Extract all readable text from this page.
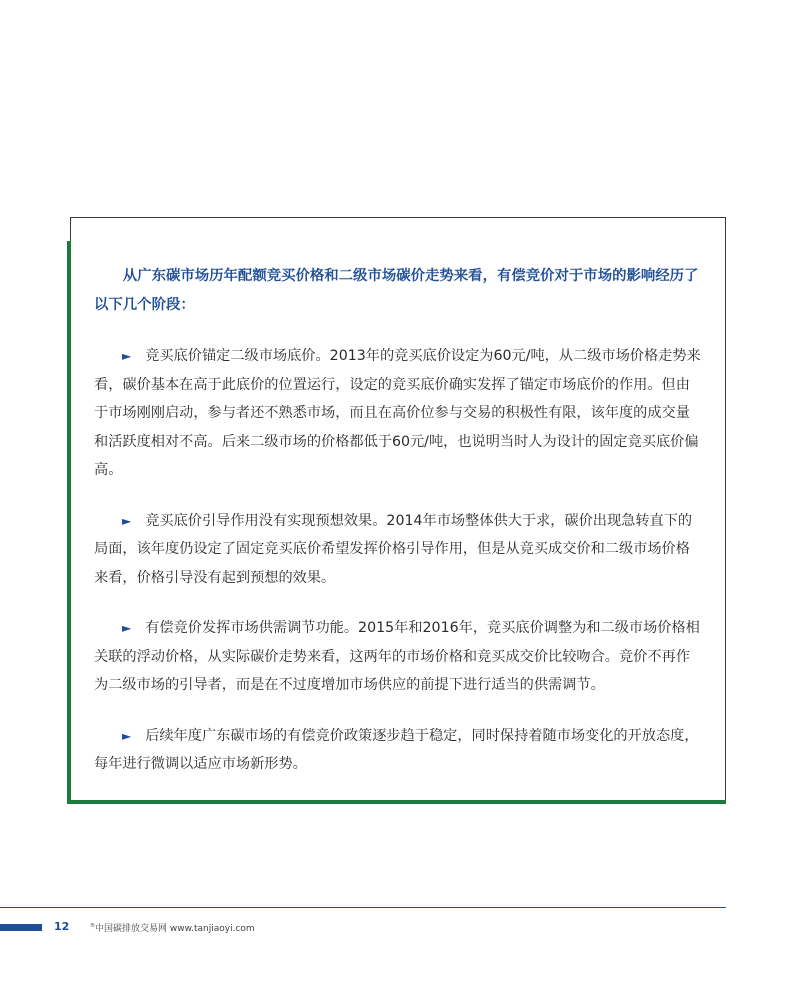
从广东碳市场历年配额竞买价格和二级市场碳价走势来看，有偿竞价对于市场的影响经历了以下几个阶段：

► 竞买底价锚定二级市场底价。2013年的竞买底价设定为60元/吨，从二级市场价格走势来看，碳价基本在高于此底价的位置运行，设定的竞买底价确实发挥了锚定市场底价的作用。但由于市场刚刚启动，参与者还不熟悉市场，而且在高价位参与交易的积极性有限，该年度的成交量和活跃度相对不高。后来二级市场的价格都低于60元/吨，也说明当时人为设计的固定竞买底价偏高。

► 竞买底价引导作用没有实现预想效果。2014年市场整体供大于求，碳价出现急转直下的局面，该年度仍设定了固定竞买底价希望发挥价格引导作用，但是从竞买成交价和二级市场价格来看，价格引导没有起到预想的效果。

► 有偿竞价发挥市场供需调节功能。2015年和2016年，竞买底价调整为和二级市场价格相关联的浮动价格，从实际碳价走势来看，这两年的市场价格和竞买成交价比较吻合。竞价不再作为二级市场的引导者，而是在不过度增加市场供应的前提下进行适当的供需调节。

► 后续年度广东碳市场的有偿竞价政策逐步趋于稳定，同时保持着随市场变化的开放态度，每年进行微调以适应市场新形势。

12	®中国碳排放交易网 www.tanjiaoyi.com
